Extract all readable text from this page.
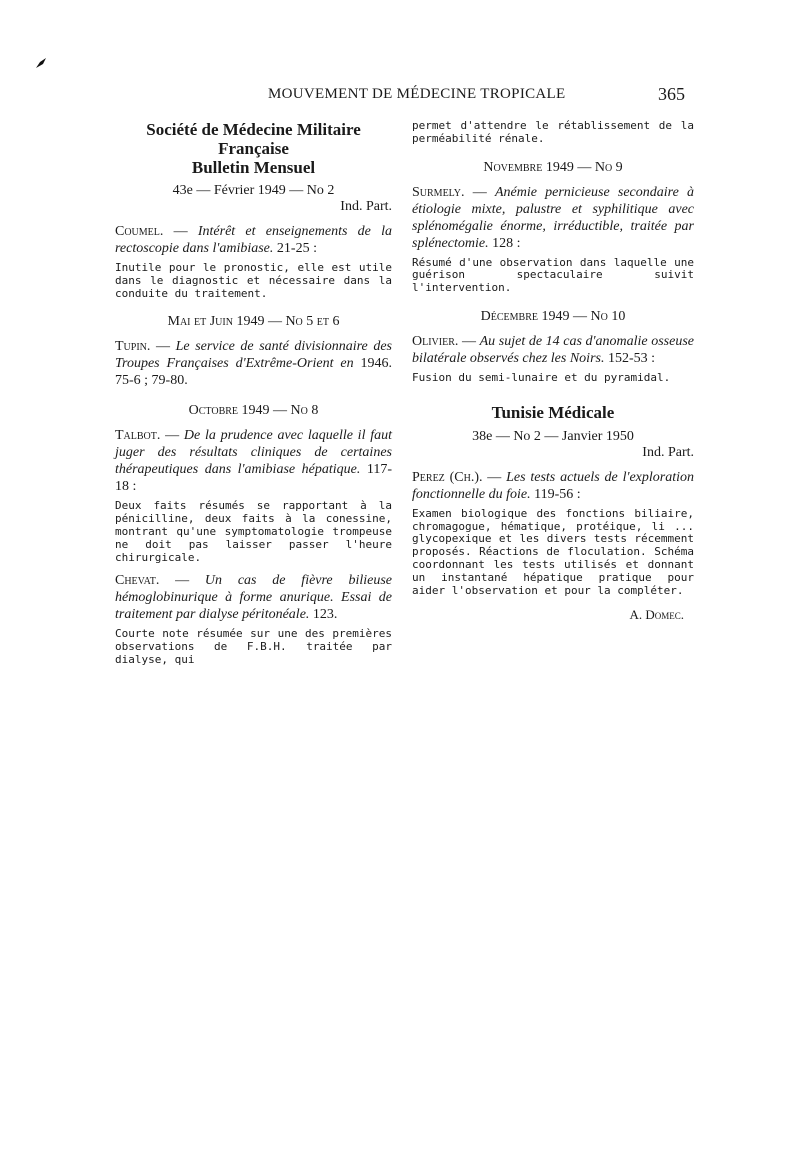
MOUVEMENT DE MÉDECINE TROPICALE	365
Société de Médecine Militaire
Française
Bulletin Mensuel
43e — Février 1949 — No 2
Ind. Part.
Coumel. — Intérêt et enseignements de la rectoscopie dans l'amibiase. 21-25 :
Inutile pour le pronostic, elle est utile dans le diagnostic et nécessaire dans la conduite du traitement.
Mai et Juin 1949 — No 5 et 6
Tupin. — Le service de santé divisionnaire des Troupes Françaises d'Extrême-Orient en 1946. 75-6 ; 79-80.
Octobre 1949 — No 8
Talbot. — De la prudence avec laquelle il faut juger des résultats cliniques de certaines thérapeutiques dans l'amibiase hépatique. 117-18 :
Deux faits résumés se rapportant à la pénicilline, deux faits à la conessine, montrant qu'une symptomatologie trompeuse ne doit pas laisser passer l'heure chirurgicale.
Chevat. — Un cas de fièvre bilieuse hémoglobinurique à forme anurique. Essai de traitement par dialyse péritonéale. 123.
Courte note résumée sur une des premières observations de F.B.H. traitée par dialyse, qui
permet d'attendre le rétablissement de la perméabilité rénale.
Novembre 1949 — No 9
Surmely. — Anémie pernicieuse secondaire à étiologie mixte, palustre et syphilitique avec splénomégalie énorme, irréductible, traitée par splénectomie. 128 :
Résumé d'une observation dans laquelle une guérison spectaculaire suivit l'intervention.
Décembre 1949 — No 10
Olivier. — Au sujet de 14 cas d'anomalie osseuse bilatérale observés chez les Noirs. 152-53 :
Fusion du semi-lunaire et du pyramidal.
Tunisie Médicale
38e — No 2 — Janvier 1950
Ind. Part.
Perez (Ch.). — Les tests actuels de l'exploration fonctionnelle du foie. 119-56 :
Examen biologique des fonctions biliaire, chromagogue, hématique, protéique, li ... glycopexique et les divers tests récemment proposés. Réactions de floculation. Schéma coordonnant les tests utilisés et donnant un instantané hépatique pratique pour aider l'observation et pour la compléter.
A. Domec.
